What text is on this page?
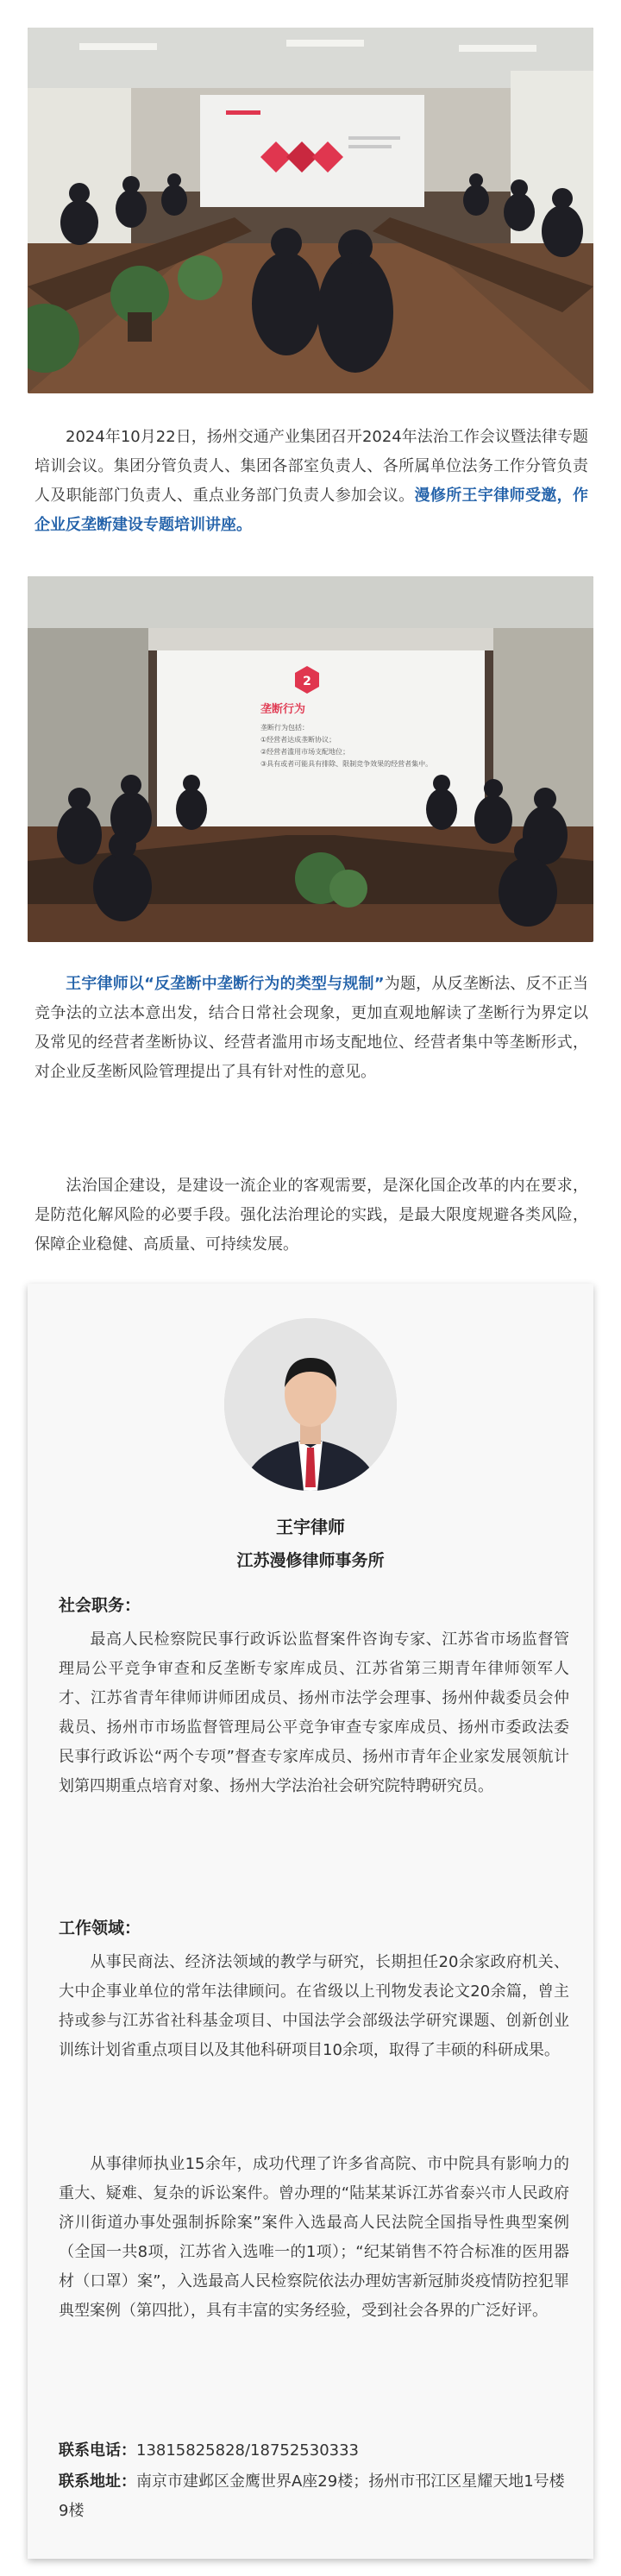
2024年10月22日，扬州交通产业集团召开2024年法治工作会议暨法律专题培训会议。集团分管负责人、集团各部室负责人、各所属单位法务工作分管负责人及职能部门负责人、重点业务部门负责人参加会议。漫修所王宇律师受邀，作企业反垄断建设专题培训讲座。

2
垄断行为
垄断行为包括：
①经营者达成垄断协议；
②经营者滥用市场支配地位；
③具有或者可能具有排除、限制竞争效果的经营者集中。

王宇律师以“反垄断中垄断行为的类型与规制”为题，从反垄断法、反不正当竞争法的立法本意出发，结合日常社会现象，更加直观地解读了垄断行为界定以及常见的经营者垄断协议、经营者滥用市场支配地位、经营者集中等垄断形式，对企业反垄断风险管理提出了具有针对性的意见。

法治国企建设，是建设一流企业的客观需要，是深化国企改革的内在要求，是防范化解风险的必要手段。强化法治理论的实践，是最大限度规避各类风险，保障企业稳健、高质量、可持续发展。

王宇律师
江苏漫修律师事务所
社会职务：

最高人民检察院民事行政诉讼监督案件咨询专家、江苏省市场监督管理局公平竞争审查和反垄断专家库成员、江苏省第三期青年律师领军人才、江苏省青年律师讲师团成员、扬州市法学会理事、扬州仲裁委员会仲裁员、扬州市市场监督管理局公平竞争审查专家库成员、扬州市委政法委民事行政诉讼“两个专项”督查专家库成员、扬州市青年企业家发展领航计划第四期重点培育对象、扬州大学法治社会研究院特聘研究员。

工作领域：

从事民商法、经济法领域的教学与研究，长期担任20余家政府机关、大中企事业单位的常年法律顾问。在省级以上刊物发表论文20余篇，曾主持或参与江苏省社科基金项目、中国法学会部级法学研究课题、创新创业训练计划省重点项目以及其他科研项目10余项，取得了丰硕的科研成果。

从事律师执业15余年，成功代理了许多省高院、市中院具有影响力的重大、疑难、复杂的诉讼案件。曾办理的“陆某某诉江苏省泰兴市人民政府济川街道办事处强制拆除案”案件入选最高人民法院全国指导性典型案例（全国一共8项，江苏省入选唯一的1项）；“纪某销售不符合标准的医用器材（口罩）案”，入选最高人民检察院依法办理妨害新冠肺炎疫情防控犯罪典型案例（第四批），具有丰富的实务经验，受到社会各界的广泛好评。

联系电话：13815825828/18752530333
联系地址：南京市建邺区金鹰世界A座29楼；扬州市邗江区星耀天地1号楼9楼
